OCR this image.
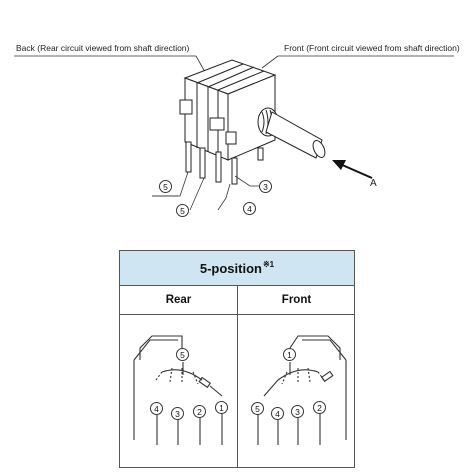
Back (Rear circuit viewed from shaft direction)	Front (Front circuit viewed from shaft direction)
A
5
5	4
3
5-position$^{※1}$
Rear	Front
5
4	3	2	1
1
5	4	3	2
